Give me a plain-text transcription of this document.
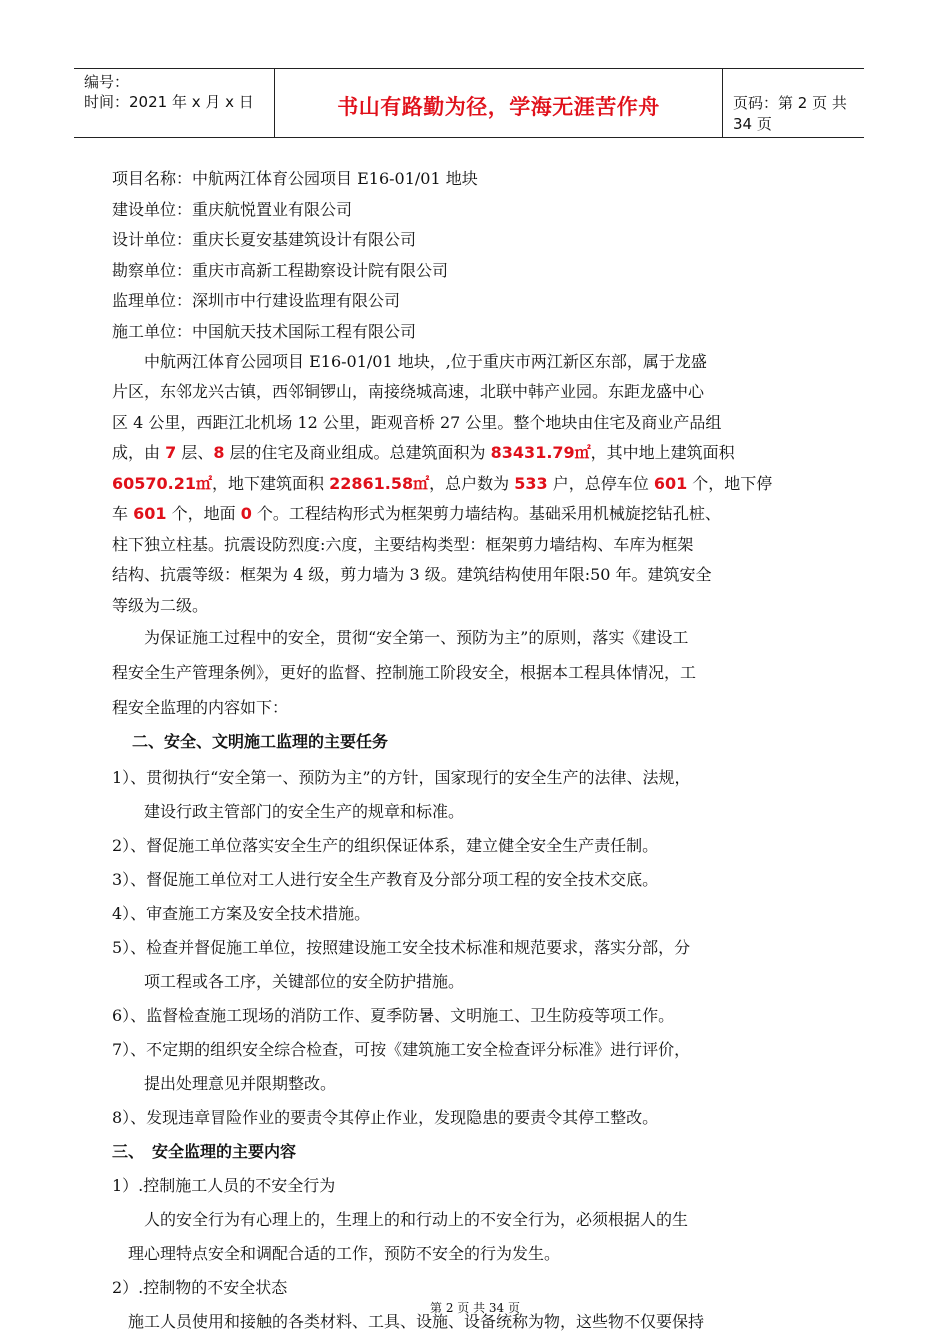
编号：
时间：2021 年 x 月 x 日	书山有路勤为径，学海无涯苦作舟	页码：第 2 页 共 34 页
项目名称：中航两江体育公园项目 E16-01/01 地块
建设单位：重庆航悦置业有限公司
设计单位：重庆长夏安基建筑设计有限公司
勘察单位：重庆市高新工程勘察设计院有限公司
监理单位：深圳市中行建设监理有限公司
施工单位：中国航天技术国际工程有限公司
　　中航两江体育公园项目 E16-01/01 地块，,位于重庆市两江新区东部，属于龙盛
片区，东邻龙兴古镇，西邻铜锣山，南接绕城高速，北联中韩产业园。东距龙盛中心
区 4 公里，西距江北机场 12 公里，距观音桥 27 公里。整个地块由住宅及商业产品组
成，由 7 层、8 层的住宅及商业组成。总建筑面积为 83431.79㎡，其中地上建筑面积
60570.21㎡，地下建筑面积 22861.58㎡，总户数为 533 户，总停车位 601 个，地下停
车 601 个，地面 0 个。工程结构形式为框架剪力墙结构。基础采用机械旋挖钻孔桩、
柱下独立柱基。抗震设防烈度:六度，主要结构类型：框架剪力墙结构、车库为框架
结构、抗震等级：框架为 4 级，剪力墙为 3 级。建筑结构使用年限:50 年。建筑安全
等级为二级。
　　为保证施工过程中的安全，贯彻“安全第一、预防为主”的原则，落实《建设工
程安全生产管理条例》，更好的监督、控制施工阶段安全，根据本工程具体情况，工
程安全监理的内容如下：
二、安全、文明施工监理的主要任务
1）、贯彻执行“安全第一、预防为主”的方针，国家现行的安全生产的法律、法规，
　　建设行政主管部门的安全生产的规章和标准。
2）、督促施工单位落实安全生产的组织保证体系，建立健全安全生产责任制。
3）、督促施工单位对工人进行安全生产教育及分部分项工程的安全技术交底。
4）、审查施工方案及安全技术措施。
5）、检查并督促施工单位，按照建设施工安全技术标准和规范要求，落实分部，分
　　项工程或各工序，关键部位的安全防护措施。
6）、监督检查施工现场的消防工作、夏季防暑、文明施工、卫生防疫等项工作。
7）、不定期的组织安全综合检查，可按《建筑施工安全检查评分标准》进行评价，
　　提出处理意见并限期整改。
8）、发现违章冒险作业的要责令其停止作业，发现隐患的要责令其停工整改。
三、　安全监理的主要内容
1）.控制施工人员的不安全行为
　　人的安全行为有心理上的，生理上的和行动上的不安全行为，必须根据人的生
　理心理特点安全和调配合适的工作，预防不安全的行为发生。
2）.控制物的不安全状态
　施工人员使用和接触的各类材料、工具、设施、设备统称为物，这些物不仅要保持
第 2 页 共 34 页
